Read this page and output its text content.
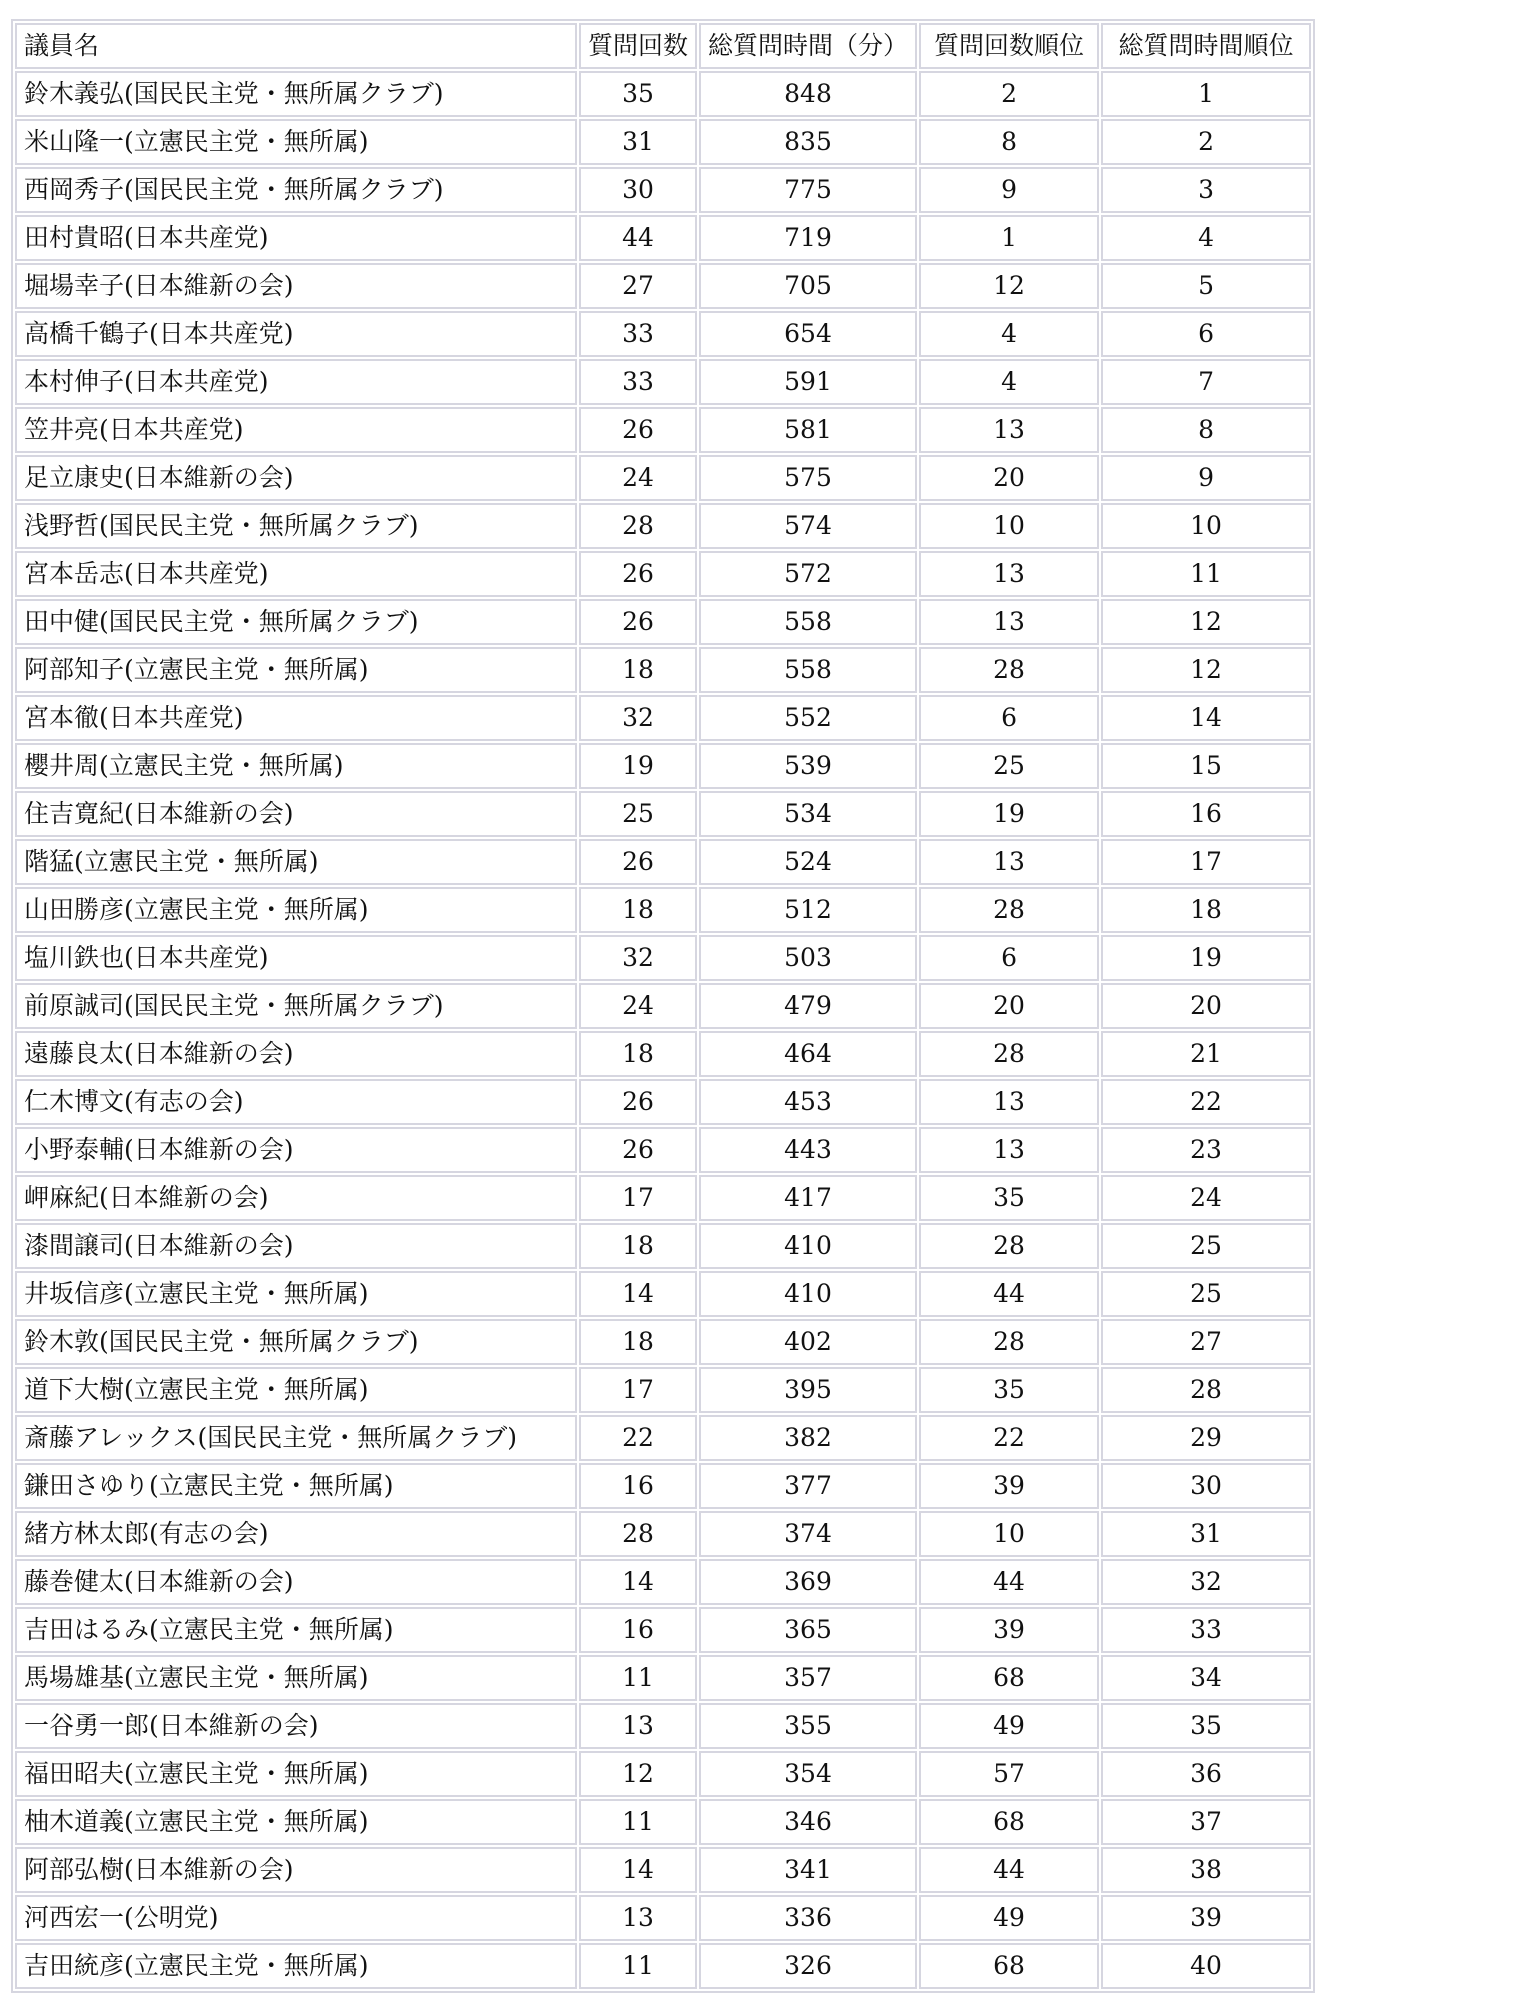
議員名	質問回数	総質問時間（分）	質問回数順位	総質問時間順位
鈴木義弘(国民民主党・無所属クラブ)	35	848	2	1
米山隆一(立憲民主党・無所属)	31	835	8	2
西岡秀子(国民民主党・無所属クラブ)	30	775	9	3
田村貴昭(日本共産党)	44	719	1	4
堀場幸子(日本維新の会)	27	705	12	5
高橋千鶴子(日本共産党)	33	654	4	6
本村伸子(日本共産党)	33	591	4	7
笠井亮(日本共産党)	26	581	13	8
足立康史(日本維新の会)	24	575	20	9
浅野哲(国民民主党・無所属クラブ)	28	574	10	10
宮本岳志(日本共産党)	26	572	13	11
田中健(国民民主党・無所属クラブ)	26	558	13	12
阿部知子(立憲民主党・無所属)	18	558	28	12
宮本徹(日本共産党)	32	552	6	14
櫻井周(立憲民主党・無所属)	19	539	25	15
住吉寛紀(日本維新の会)	25	534	19	16
階猛(立憲民主党・無所属)	26	524	13	17
山田勝彦(立憲民主党・無所属)	18	512	28	18
塩川鉄也(日本共産党)	32	503	6	19
前原誠司(国民民主党・無所属クラブ)	24	479	20	20
遠藤良太(日本維新の会)	18	464	28	21
仁木博文(有志の会)	26	453	13	22
小野泰輔(日本維新の会)	26	443	13	23
岬麻紀(日本維新の会)	17	417	35	24
漆間譲司(日本維新の会)	18	410	28	25
井坂信彦(立憲民主党・無所属)	14	410	44	25
鈴木敦(国民民主党・無所属クラブ)	18	402	28	27
道下大樹(立憲民主党・無所属)	17	395	35	28
斎藤アレックス(国民民主党・無所属クラブ)	22	382	22	29
鎌田さゆり(立憲民主党・無所属)	16	377	39	30
緒方林太郎(有志の会)	28	374	10	31
藤巻健太(日本維新の会)	14	369	44	32
吉田はるみ(立憲民主党・無所属)	16	365	39	33
馬場雄基(立憲民主党・無所属)	11	357	68	34
一谷勇一郎(日本維新の会)	13	355	49	35
福田昭夫(立憲民主党・無所属)	12	354	57	36
柚木道義(立憲民主党・無所属)	11	346	68	37
阿部弘樹(日本維新の会)	14	341	44	38
河西宏一(公明党)	13	336	49	39
吉田統彦(立憲民主党・無所属)	11	326	68	40
